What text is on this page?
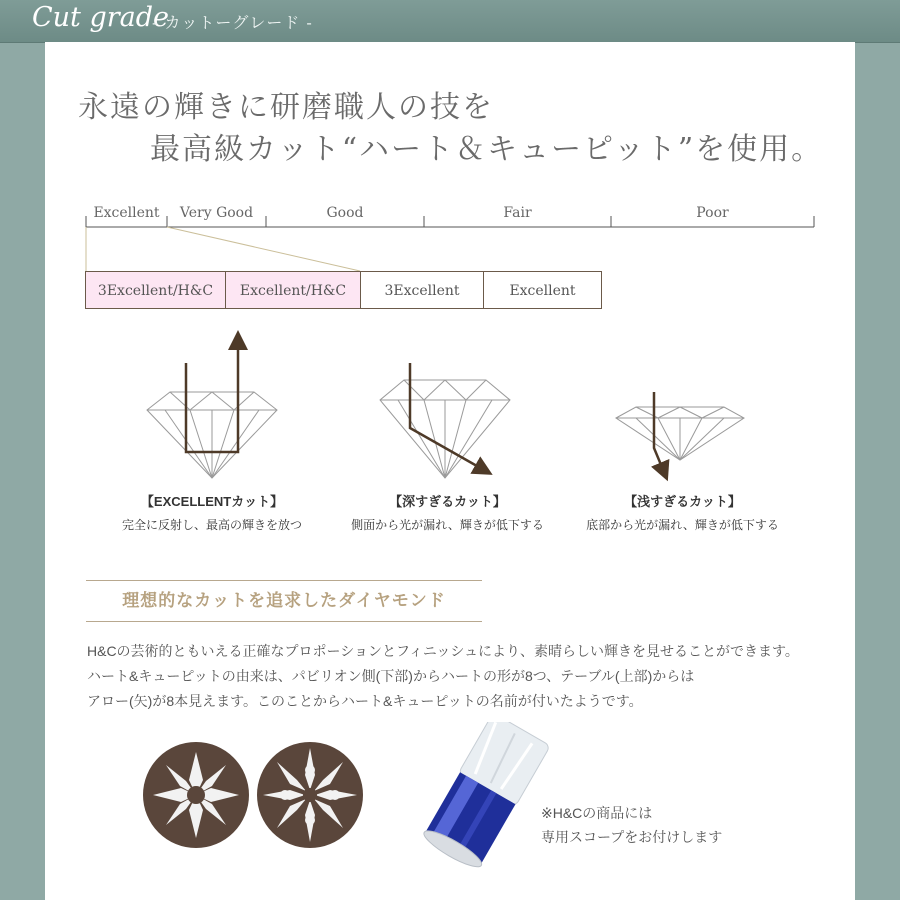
Cut grade
- カットーグレード -
永遠の輝きに研磨職人の技を
最高級カット“ハート＆キューピット”を使用。
Excellent	Very Good	Good	Fair	Poor
3Excellent/H&C	Excellent/H&C	3Excellent	Excellent
【EXCELLENTカット】
完全に反射し、最高の輝きを放つ
【深すぎるカット】
側面から光が漏れ、輝きが低下する
【浅すぎるカット】
底部から光が漏れ、輝きが低下する
理想的なカットを追求したダイヤモンド
H&Cの芸術的ともいえる正確なプロポーションとフィニッシュにより、素晴らしい輝きを見せることができます。
ハート&キューピットの由来は、パビリオン側(下部)からハートの形が8つ、テーブル(上部)からは
アロー(矢)が8本見えます。このことからハート&キューピットの名前が付いたようです。
※H&Cの商品には
専用スコープをお付けします
